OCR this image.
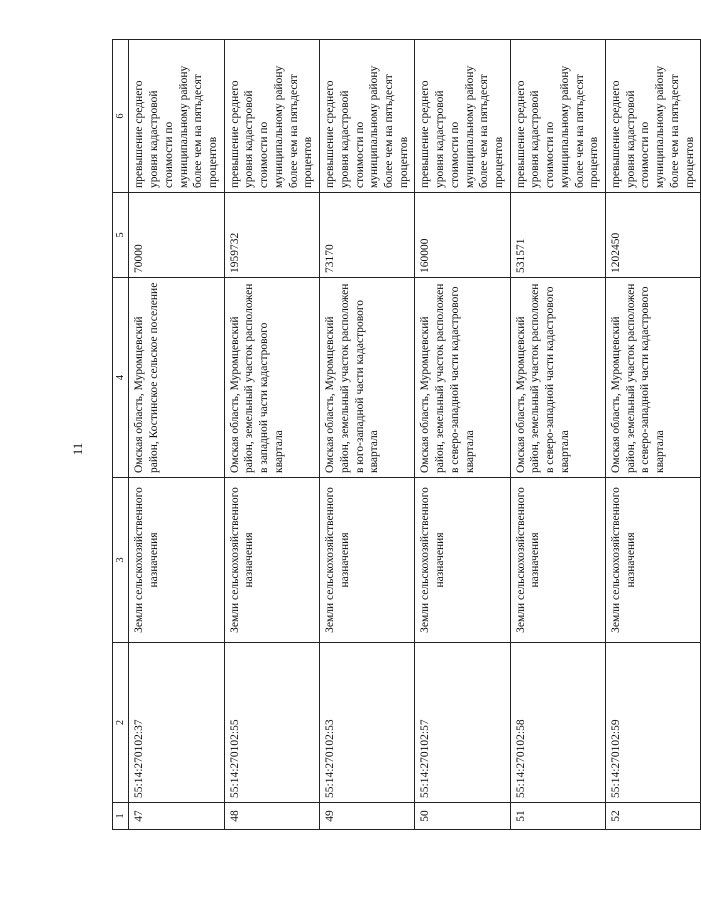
11
1	2	3	4	5	6
47	55:14:270102:37	Земли сельскохозяйственного назначения	Омская область, Муромцевский район, Костинское сельское поселение	70000	превышение среднего уровня кадастровой стоимости по муниципальному району более чем на пятьдесят процентов
48	55:14:270102:55	Земли сельскохозяйственного назначения	Омская область, Муромцевский район, земельный участок расположен в западной части кадастрового квартала	1959732	превышение среднего уровня кадастровой стоимости по муниципальному району более чем на пятьдесят процентов
49	55:14:270102:53	Земли сельскохозяйственного назначения	Омская область, Муромцевский район, земельный участок расположен в юго-западной части кадастрового квартала	73170	превышение среднего уровня кадастровой стоимости по муниципальному району более чем на пятьдесят процентов
50	55:14:270102:57	Земли сельскохозяйственного назначения	Омская область, Муромцевский район, земельный участок расположен в северо-западной части кадастрового квартала	160000	превышение среднего уровня кадастровой стоимости по муниципальному району более чем на пятьдесят процентов
51	55:14:270102:58	Земли сельскохозяйственного назначения	Омская область, Муромцевский район, земельный участок расположен в северо-западной части кадастрового квартала	531571	превышение среднего уровня кадастровой стоимости по муниципальному району более чем на пятьдесят процентов
52	55:14:270102:59	Земли сельскохозяйственного назначения	Омская область, Муромцевский район, земельный участок расположен в северо-западной части кадастрового квартала	1202450	превышение среднего уровня кадастровой стоимости по муниципальному району более чем на пятьдесят процентов
